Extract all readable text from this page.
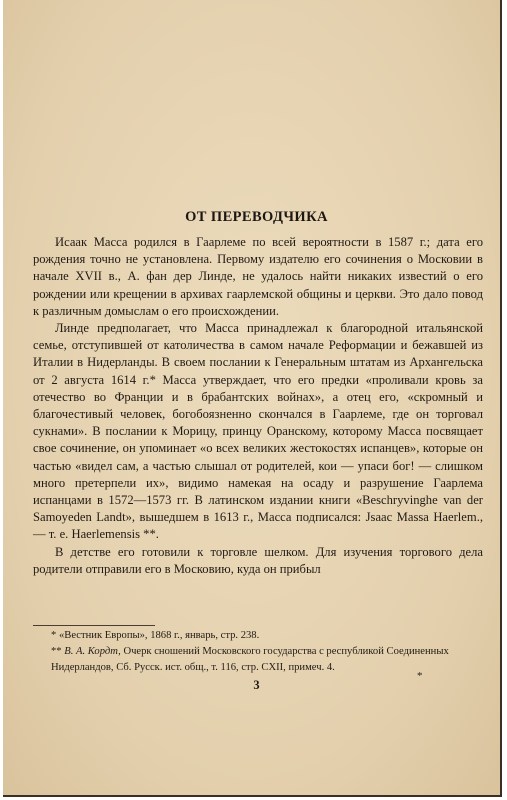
ОТ ПЕРЕВОДЧИКА

Исаак Масса родился в Гаарлеме по всей вероятности в 1587 г.; дата его рождения точно не установлена. Первому издателю его сочинения о Московии в начале XVII в., А. фан дер Линде, не удалось найти никаких известий о его рождении или крещении в архивах гаарлемской общины и церкви. Это дало повод к различным домыслам о его происхождении.

Линде предполагает, что Масса принадлежал к благородной итальянской семье, отступившей от католичества в самом начале Реформации и бежавшей из Италии в Нидерланды. В своем послании к Генеральным штатам из Архангельска от 2 августа 1614 г.* Масса утверждает, что его предки «проливали кровь за отечество во Франции и в брабантских войнах», а отец его, «скромный и благочестивый человек, богобоязненно скончался в Гаарлеме, где он торговал сукнами». В послании к Морицу, принцу Оранскому, которому Масса посвящает свое сочинение, он упоминает «о всех великих жестокостях испанцев», которые он частью «видел сам, а частью слышал от родителей, кои — упаси бог! — слишком много претерпели их», видимо намекая на осаду и разрушение Гаарлема испанцами в 1572—1573 гг. В латинском издании книги «Beschryvinghe van der Samoyeden Landt», вышедшем в 1613 г., Масса подписался: Jsaac Massa Haerlem., — т. е. Haerlemensis **.

В детстве его готовили к торговле шелком. Для изучения торгового дела родители отправили его в Московию, куда он прибыл

* «Вестник Европы», 1868 г., январь, стр. 238.

** В. А. Кордт, Очерк сношений Московского государства с республикой Соединенных Нидерландов, Сб. Русск. ист. общ., т. 116, стр. CXII, примеч. 4.

3
*
